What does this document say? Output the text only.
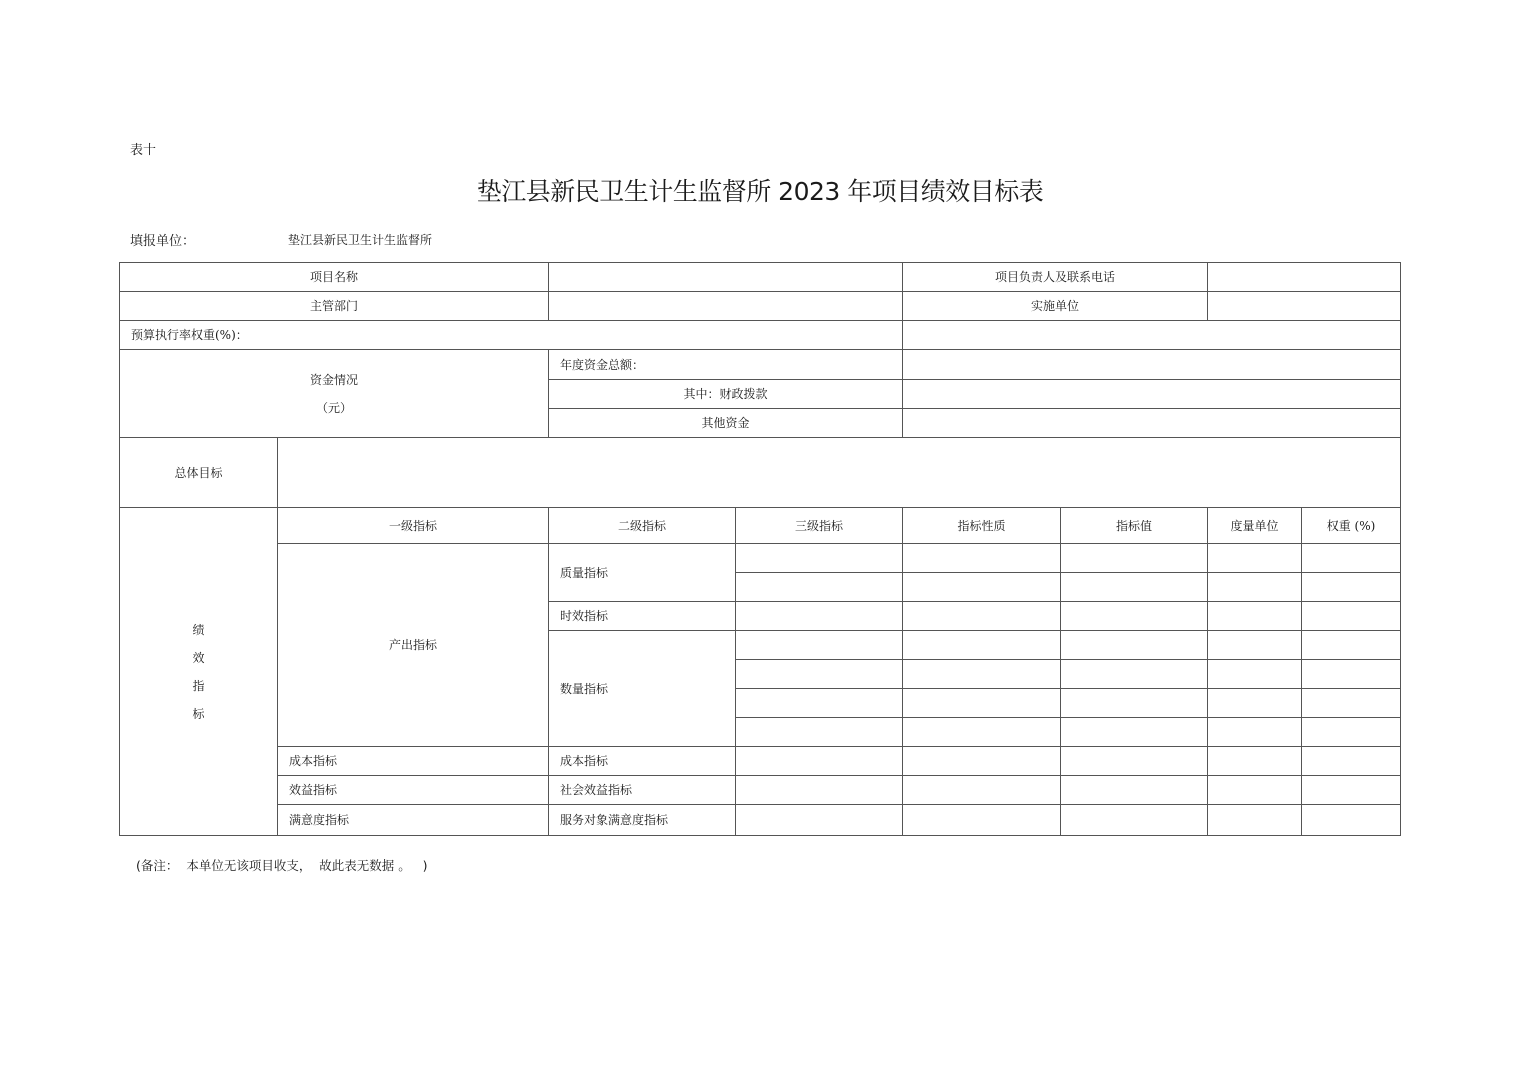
表十
垫江县新民卫生计生监督所 2023 年项目绩效目标表
填报单位：	垫江县新民卫生计生监督所
项目名称				项目负责人及联系电话			
主管部门				实施单位			
预算执行率权重(%)：							

资金情况
（元）		年度资金总额：					
		其中：财政拨款					
		其他资金					
总体目标							

绩
效
指
标	一级指标	二级指标	三级指标	指标性质	指标值	度量单位	权重 (%)
	产出指标	质量指标					

		时效指标					
		数量指标					

	成本指标	成本指标					
	效益指标	社会效益指标					
	满意度指标	服务对象满意度指标					
(备注：  本单位无该项目收支，  故此表无数据 。   )
